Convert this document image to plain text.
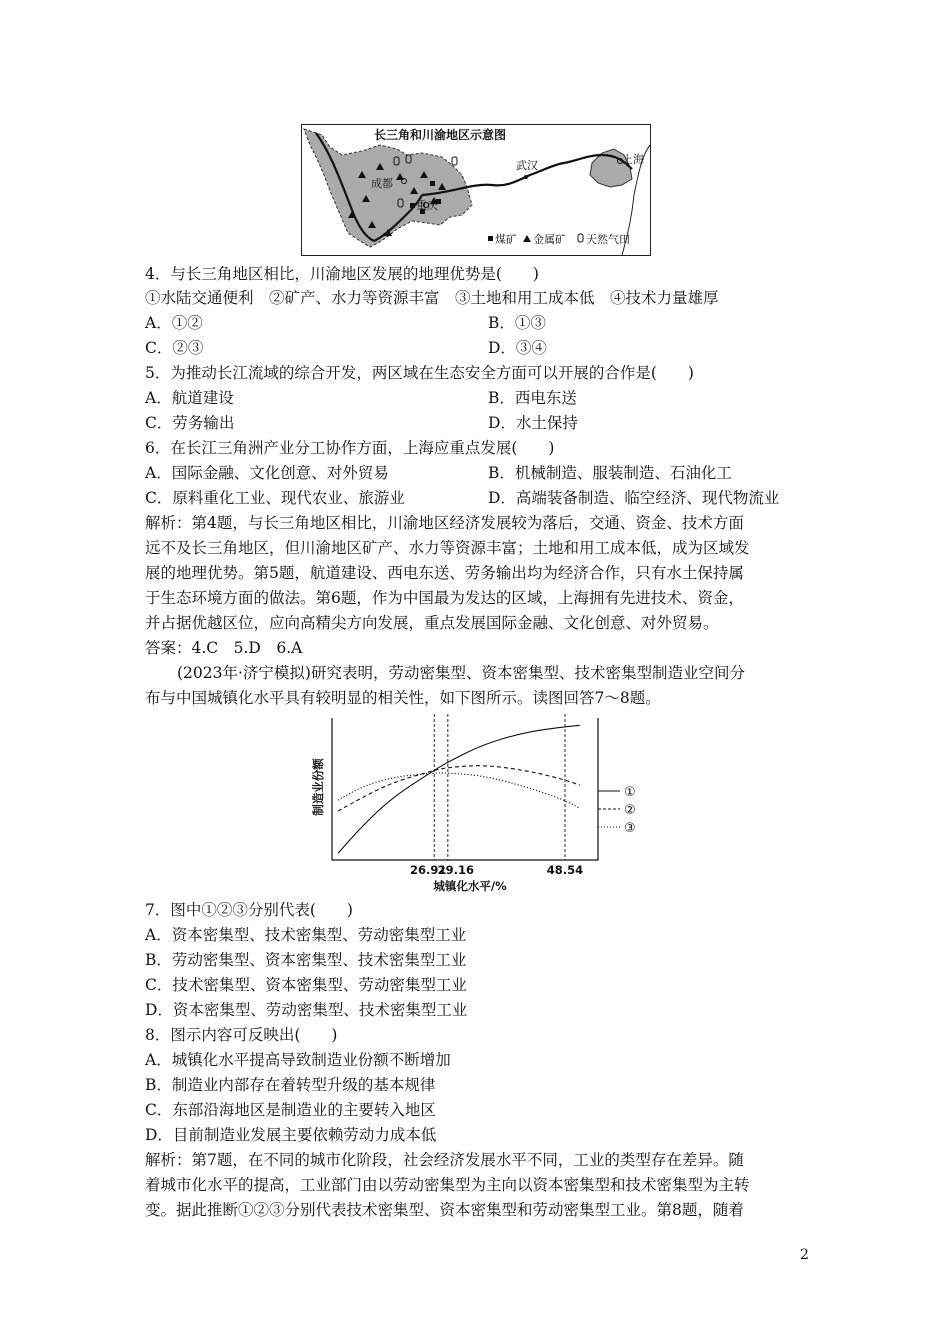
长三角和川渝地区示意图
成都
重庆
武汉	上海
煤矿 金属矿 天然气田
4．与长三角地区相比，川渝地区发展的地理优势是(　　)
①水陆交通便利　②矿产、水力等资源丰富　③土地和用工成本低　④技术力量雄厚
A．①②	B．①③
C．②③	D．③④
5．为推动长江流域的综合开发，两区域在生态安全方面可以开展的合作是(　　)
A．航道建设	B．西电东送
C．劳务输出	D．水土保持
6．在长江三角洲产业分工协作方面，上海应重点发展(　　)
A．国际金融、文化创意、对外贸易	B．机械制造、服装制造、石油化工
C．原料重化工业、现代农业、旅游业	D．高端装备制造、临空经济、现代物流业
解析：第4题，与长三角地区相比，川渝地区经济发展较为落后，交通、资金、技术方面
远不及长三角地区，但川渝地区矿产、水力等资源丰富；土地和用工成本低，成为区域发
展的地理优势。第5题，航道建设、西电东送、劳务输出均为经济合作，只有水土保持属
于生态环境方面的做法。第6题，作为中国最为发达的区域，上海拥有先进技术、资金，
并占据优越区位，应向高精尖方向发展，重点发展国际金融、文化创意、对外贸易。
答案：4.C　5.D　6.A
(2023年·济宁模拟)研究表明，劳动密集型、资本密集型、技术密集型制造业空间分
布与中国城镇化水平具有较明显的相关性，如下图所示。读图回答7～8题。
制造业份额
城镇化水平/%
26.91
29.16	48.54
①
②
③
7．图中①②③分别代表(　　)
A．资本密集型、技术密集型、劳动密集型工业
B．劳动密集型、资本密集型、技术密集型工业
C．技术密集型、资本密集型、劳动密集型工业
D．资本密集型、劳动密集型、技术密集型工业
8．图示内容可反映出(　　)
A．城镇化水平提高导致制造业份额不断增加
B．制造业内部存在着转型升级的基本规律
C．东部沿海地区是制造业的主要转入地区
D．目前制造业发展主要依赖劳动力成本低
解析：第7题，在不同的城市化阶段，社会经济发展水平不同，工业的类型存在差异。随
着城市化水平的提高，工业部门由以劳动密集型为主向以资本密集型和技术密集型为主转
变。据此推断①②③分别代表技术密集型、资本密集型和劳动密集型工业。第8题，随着
2
